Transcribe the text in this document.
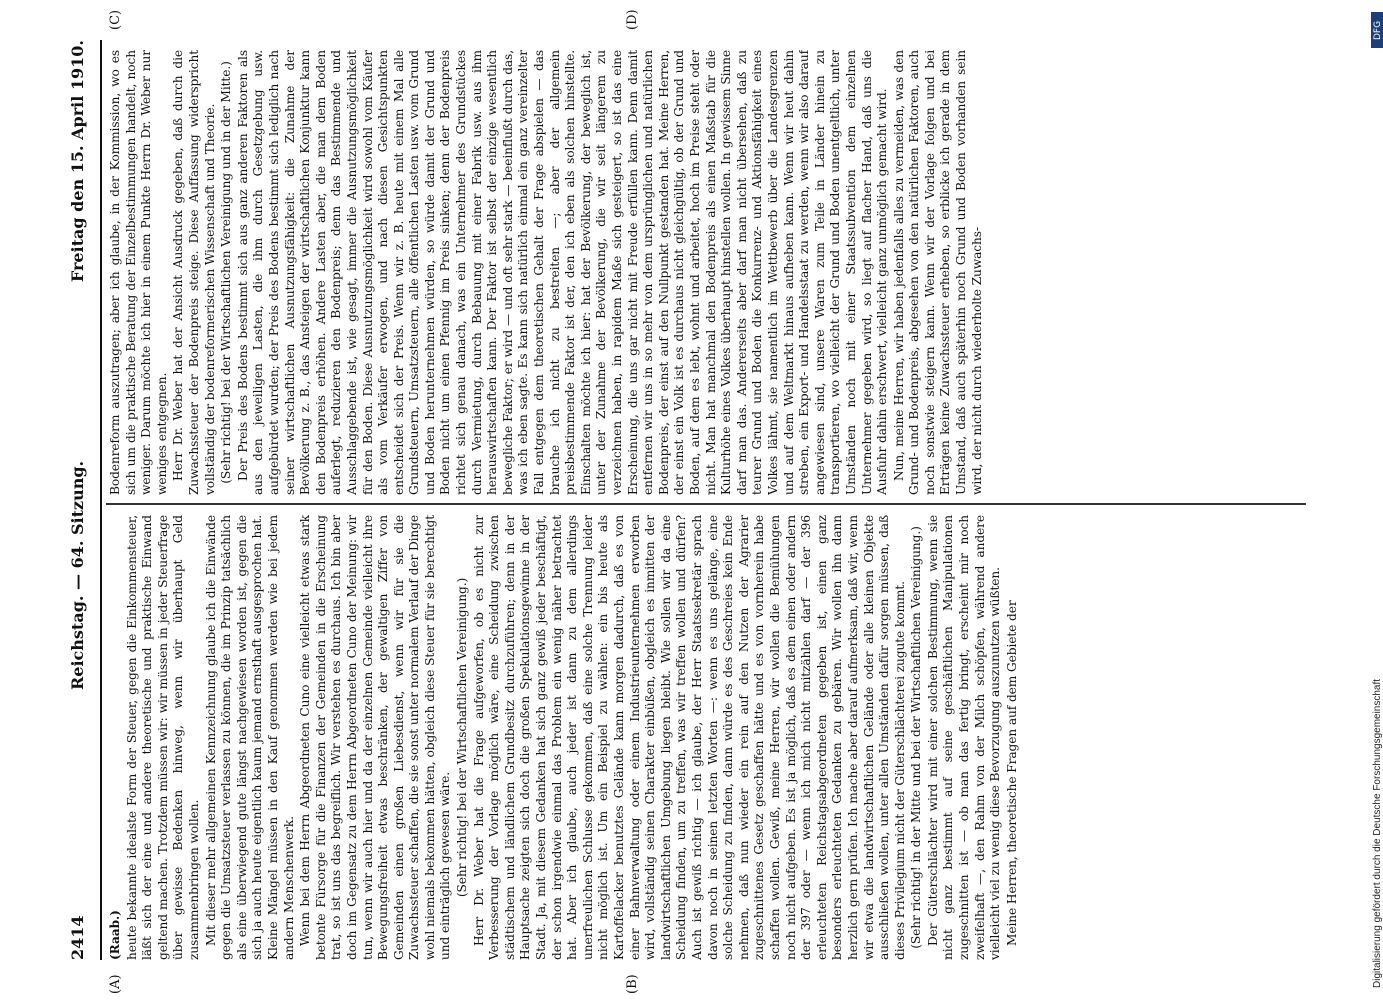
2414
Reichstag. — 64. Sitzung.
Freitag den 15. April 1910.
(A)	(B)
(C)	(D)

(Raab.) heute bekannte idealste Form der Steuer, gegen die Einkommensteuer, läßt sich der eine und andere theoretische und praktische Einwand geltend machen. Trotzdem müssen wir: wir müssen in jeder Steuerfrage über gewisse Bedenken hinweg, wenn wir überhaupt Geld zusammenbringen wollen. Mit dieser mehr allgemeinen Kennzeichnung glaube ich die Einwände gegen die Umsatzsteuer verlassen zu können, die im Prinzip tatsächlich als eine überwiegend gute längst nachgewiesen worden ist, gegen die sich ja auch heute eigentlich kaum jemand ernsthaft ausgesprochen hat. Kleine Mängel müssen in den Kauf genommen werden wie bei jedem andern Menschenwerk. Wenn bei dem Herrn Abgeordneten Cuno eine vielleicht etwas stark betonte Fürsorge für die Finanzen der Gemeinden in die Erscheinung trat, so ist uns das begreiflich. Wir verstehen es durchaus. Ich bin aber doch im Gegensatz zu dem Herrn Abgeordneten Cuno der Meinung: wir tun, wenn wir auch hier und da der einzelnen Gemeinde vielleicht ihre Bewegungsfreiheit etwas beschränken, der gewaltigen Ziffer von Gemeinden einen großen Liebesdienst, wenn wir für sie die Zuwachssteuer schaffen, die sie sonst unter normalem Verlauf der Dinge wohl niemals bekommen hätten, obgleich diese Steuer für sie berechtigt und einträglich gewesen wäre. (Sehr richtig! bei der Wirtschaftlichen Vereinigung.) Herr Dr. Weber hat die Frage aufgeworfen, ob es nicht zur Verbesserung der Vorlage möglich wäre, eine Scheidung zwischen städtischem und ländlichem Grundbesitz durchzuführen; denn in der Hauptsache zeigten sich doch die großen Spekulationsgewinne in der Stadt. Ja, mit diesem Gedanken hat sich ganz gewiß jeder beschäftigt, der schon irgendwie einmal das Problem ein wenig näher betrachtet hat. Aber ich glaube, auch jeder ist dann zu dem allerdings unerfreulichen Schlusse gekommen, daß eine solche Trennung leider nicht möglich ist. Um ein Beispiel zu wählen: ein bis heute als Kartoffelacker benutztes Gelände kann morgen dadurch, daß es von einer Bahnverwaltung oder einem Industrieunternehmen erworben wird, vollständig seinen Charakter einbüßen, obgleich es inmitten der landwirtschaftlichen Umgebung liegen bleibt. Wie sollen wir da eine Scheidung finden, um zu treffen, was wir treffen wollen und dürfen? Auch ist gewiß richtig — ich glaube, der Herr Staatssekretär sprach davon noch in seinen letzten Worten —: wenn es uns gelänge, eine solche Scheidung zu finden, dann würde es des Geschreies kein Ende nehmen, daß nun wieder ein rein auf den Nutzen der Agrarier zugeschnittenes Gesetz geschaffen hätte und es von vornherein habe schaffen wollen. Gewiß, meine Herren, wir wollen die Bemühungen noch nicht aufgeben. Es ist ja möglich, daß es dem einen oder andern der 397 oder — wenn ich mich nicht mitzählen darf — der 396 erleuchteten Reichstagsabgeordneten gegeben ist, einen ganz besonders erleuchteten Gedanken zu gebären. Wir wollen ihn dann herzlich gern prüfen. Ich mache aber darauf aufmerksam, daß wir, wenn wir etwa die landwirtschaftlichen Gelände oder alle kleinen Objekte ausschließen wollen, unter allen Umständen dafür sorgen müssen, daß dieses Privilegium nicht der Güterschlächterei zugute kommt. (Sehr richtig! in der Mitte und bei der Wirtschaftlichen Vereinigung.) Der Güterschlächter wird mit einer solchen Bestimmung, wenn sie nicht ganz bestimmt auf seine geschäftlichen Manipulationen zugeschnitten ist — ob man das fertig bringt, erscheint mir noch zweifelhaft —, den Rahm von der Milch schöpfen, während andere vielleicht viel zu wenig diese Bevorzugung auszunutzen wüßten. Meine Herren, theoretische Fragen auf dem Gebiete der

Bodenreform auszutragen; aber ich glaube, in der Kommission, wo es sich um die praktische Beratung der Einzelbestimmungen handelt, noch weniger. Darum möchte ich hier in einem Punkte Herrn Dr. Weber nur weniges entgegnen. Herr Dr. Weber hat der Ansicht Ausdruck gegeben, daß durch die Zuwachssteuer der Bodenpreis steige. Diese Auffassung widerspricht vollständig der bodenreformerischen Wissenschaft und Theorie. (Sehr richtig! bei der Wirtschaftlichen Vereinigung und in der Mitte.) Der Preis des Bodens bestimmt sich aus ganz anderen Faktoren als aus den jeweiligen Lasten, die ihm durch Gesetzgebung usw. aufgebürdet wurden; der Preis des Bodens bestimmt sich lediglich nach seiner wirtschaftlichen Ausnutzungsfähigkeit: die Zunahme der Bevölkerung z. B., das Ansteigen der wirtschaftlichen Konjunktur kann den Bodenpreis erhöhen. Andere Lasten aber, die man dem Boden auferlegt, reduzieren den Bodenpreis; denn das Bestimmende und Ausschlaggebende ist, wie gesagt, immer die Ausnutzungsmöglichkeit für den Boden. Diese Ausnutzungsmöglichkeit wird sowohl vom Käufer als vom Verkäufer erwogen, und nach diesen Gesichtspunkten entscheidet sich der Preis. Wenn wir z. B. heute mit einem Mal alle Grundsteuern, Umsatzsteuern, alle öffentlichen Lasten usw. vom Grund und Boden herunternehmen würden, so würde damit der Grund und Boden nicht um einen Pfennig im Preis sinken; denn der Bodenpreis richtet sich genau danach, was ein Unternehmer des Grundstückes durch Vermietung, durch Bebauung mit einer Fabrik usw. aus ihm herauswirtschaften kann. Der Faktor ist selbst der einzige wesentlich bewegliche Faktor; er wird — und oft sehr stark — beeinflußt durch das, was ich eben sagte. Es kann sich natürlich einmal ein ganz vereinzelter Fall entgegen dem theoretischen Gehalt der Frage abspielen — das brauche ich nicht zu bestreiten —; aber der allgemein preisbestimmende Faktor ist der, den ich eben als solchen hinstellte. Einschalten möchte ich hier: hat der Bevölkerung, der beweglich ist, unter der Zunahme der Bevölkerung, die wir seit längerem zu verzeichnen haben, in rapidem Maße sich gesteigert, so ist das eine Erscheinung, die uns gar nicht mit Freude erfüllen kann. Denn damit entfernen wir uns in so mehr von dem ursprünglichen und natürlichen Bodenpreis, der einst auf den Nullpunkt gestanden hat. Meine Herren, der einst ein Volk ist es durchaus nicht gleichgültig, ob der Grund und Boden, auf dem es lebt, wohnt und arbeitet, hoch im Preise steht oder nicht. Man hat manchmal den Bodenpreis als einen Maßstab für die Kulturhöhe eines Volkes überhaupt hinstellen wollen. In gewissem Sinne darf man das. Andererseits aber darf man nicht übersehen, daß zu teurer Grund und Boden die Konkurrenz- und Aktionsfähigkeit eines Volkes lähmt, sie namentlich im Wettbewerb über die Landesgrenzen und auf dem Weltmarkt hinaus aufheben kann. Wenn wir heut dahin streben, ein Export- und Handelsstaat zu werden, wenn wir also darauf angewiesen sind, unsere Waren zum Teile in Länder hinein zu transportieren, wo vielleicht der Grund und Boden unentgeltlich, unter Umständen noch mit einer Staatssubvention dem einzelnen Unternehmer gegeben wird, so liegt auf flacher Hand, daß uns die Ausfuhr dahin erschwert, vielleicht ganz unmöglich gemacht wird. Nun, meine Herren, wir haben jedenfalls alles zu vermeiden, was den Grund- und Bodenpreis, abgesehen von den natürlichen Faktoren, auch noch sonstwie steigern kann. Wenn wir der Vorlage folgen und bei Erträgen keine Zuwachssteuer erheben, so erblicke ich gerade in dem Umstand, daß auch späterhin noch Grund und Boden vorhanden sein wird, der nicht durch wiederholte Zuwachs-

DFG
Digitalisierung gefördert durch die Deutsche Forschungsgemeinschaft
